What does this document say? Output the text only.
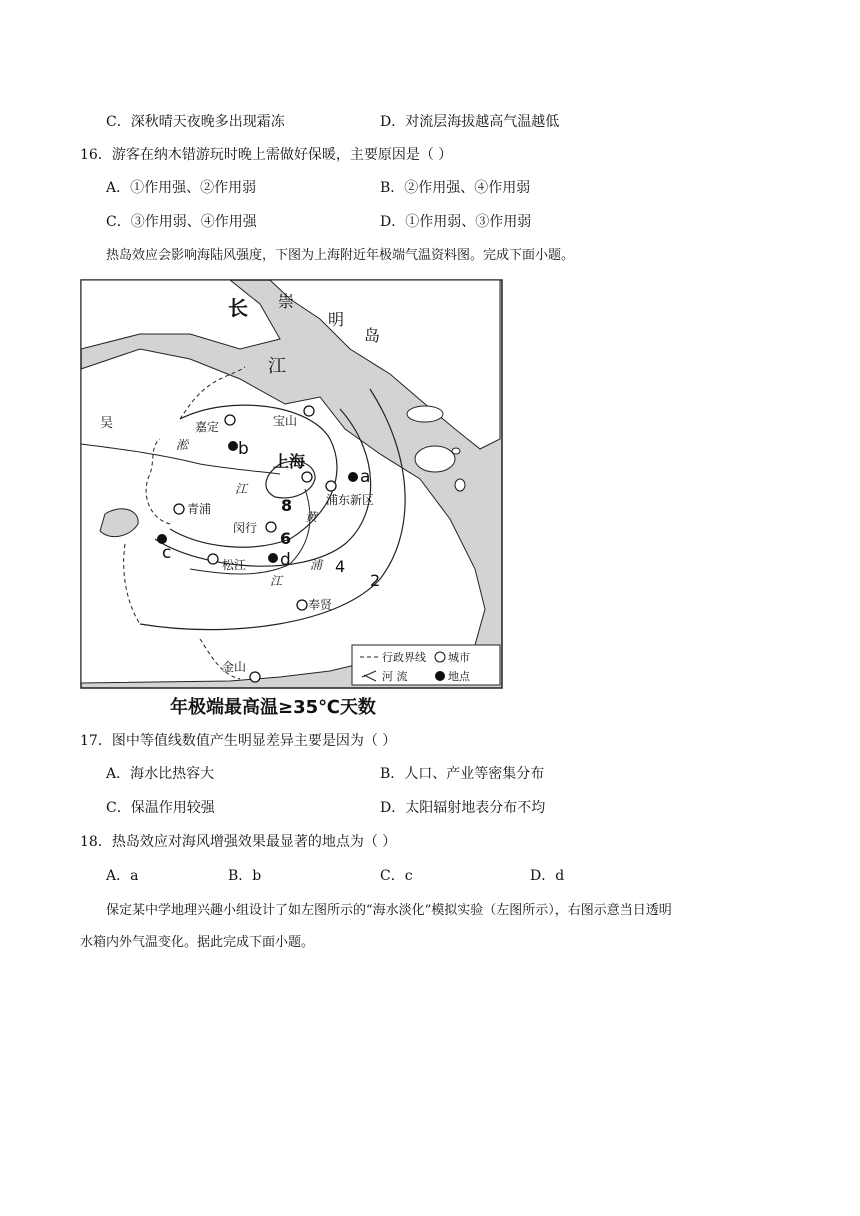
C．深秋晴天夜晚多出现霜冻	D．对流层海拔越高气温越低
16．游客在纳木错游玩时晚上需做好保暖，主要原因是（ ）
A．①作用强、②作用弱	B．②作用强、④作用弱
C．③作用弱、④作用强	D．①作用弱、③作用弱
热岛效应会影响海陆风强度，下图为上海附近年极端气温资料图。完成下面小题。
长
江
崇
明
岛
嘉定	宝山
上海
浦东新区
青浦
闵行
松江
奉贤
金山
吴
淞
江
黄
浦
江
8
6
4
2
a
b
c	d
行政界线 城市
河 流	地点
年极端最高温≥35℃天数
17．图中等值线数值产生明显差异主要是因为（ ）
A．海水比热容大	B．人口、产业等密集分布
C．保温作用较强	D．太阳辐射地表分布不均
18．热岛效应对海风增强效果最显著的地点为（ ）
A．a	B．b	C．c	D．d
保定某中学地理兴趣小组设计了如左图所示的“海水淡化”模拟实验（左图所示），右图示意当日透明
水箱内外气温变化。据此完成下面小题。
